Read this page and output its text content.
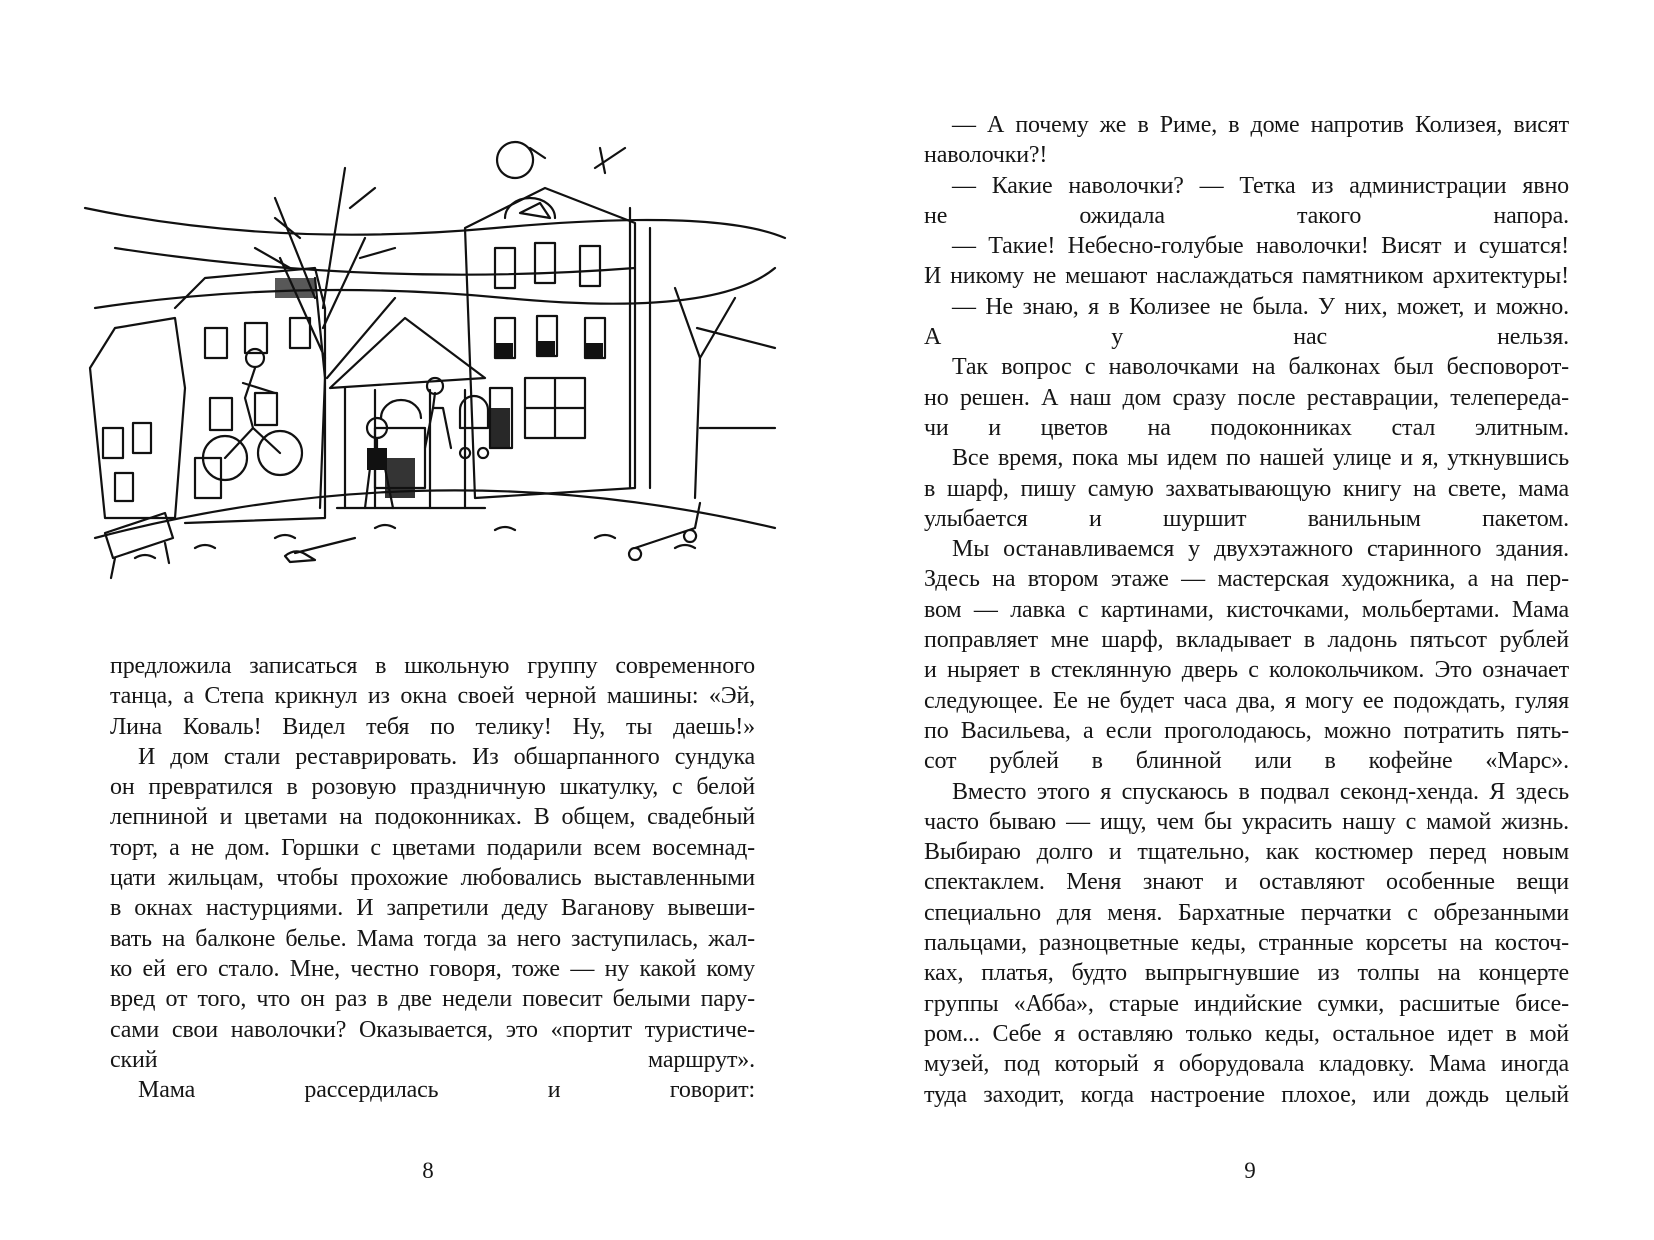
предложила записаться в школьную группу современного
танца, а Степа крикнул из окна своей черной машины: «Эй,
Лина Коваль! Видел тебя по телику! Ну, ты даешь!»
И дом стали реставрировать. Из обшарпанного сундука
он превратился в розовую праздничную шкатулку, с белой
лепниной и цветами на подоконниках. В общем, свадебный
торт, а не дом. Горшки с цветами подарили всем восемнад-
цати жильцам, чтобы прохожие любовались выставленными
в окнах настурциями. И запретили деду Ваганову вывеши-
вать на балконе белье. Мама тогда за него заступилась, жал-
ко ей его стало. Мне, честно говоря, тоже — ну какой кому
вред от того, что он раз в две недели повесит белыми пару-
сами свои наволочки? Оказывается, это «портит туристиче-
ский маршрут».
Мама рассердилась и говорит:
8
— А почему же в Риме, в доме напротив Колизея, висят
наволочки?!
— Какие наволочки? — Тетка из администрации явно
не ожидала такого напора.
— Такие! Небесно-голубые наволочки! Висят и сушатся!
И никому не мешают наслаждаться памятником архитектуры!
— Не знаю, я в Колизее не была. У них, может, и можно.
А у нас нельзя.
Так вопрос с наволочками на балконах был бесповорот-
но решен. А наш дом сразу после реставрации, телепереда-
чи и цветов на подоконниках стал элитным.
Все время, пока мы идем по нашей улице и я, уткнувшись
в шарф, пишу самую захватывающую книгу на свете, мама
улыбается и шуршит ванильным пакетом.
Мы останавливаемся у двухэтажного старинного здания.
Здесь на втором этаже — мастерская художника, а на пер-
вом — лавка с картинами, кисточками, мольбертами. Мама
поправляет мне шарф, вкладывает в ладонь пятьсот рублей
и ныряет в стеклянную дверь с колокольчиком. Это означает
следующее. Ее не будет часа два, я могу ее подождать, гуляя
по Васильева, а если проголодаюсь, можно потратить пять-
сот рублей в блинной или в кофейне «Марс».
Вместо этого я спускаюсь в подвал секонд-хенда. Я здесь
часто бываю — ищу, чем бы украсить нашу с мамой жизнь.
Выбираю долго и тщательно, как костюмер перед новым
спектаклем. Меня знают и оставляют особенные вещи
специально для меня. Бархатные перчатки с обрезанными
пальцами, разноцветные кеды, странные корсеты на косточ-
ках, платья, будто выпрыгнувшие из толпы на концерте
группы «Абба», старые индийские сумки, расшитые бисе-
ром... Себе я оставляю только кеды, остальное идет в мой
музей, под который я оборудовала кладовку. Мама иногда
туда заходит, когда настроение плохое, или дождь целый
9
